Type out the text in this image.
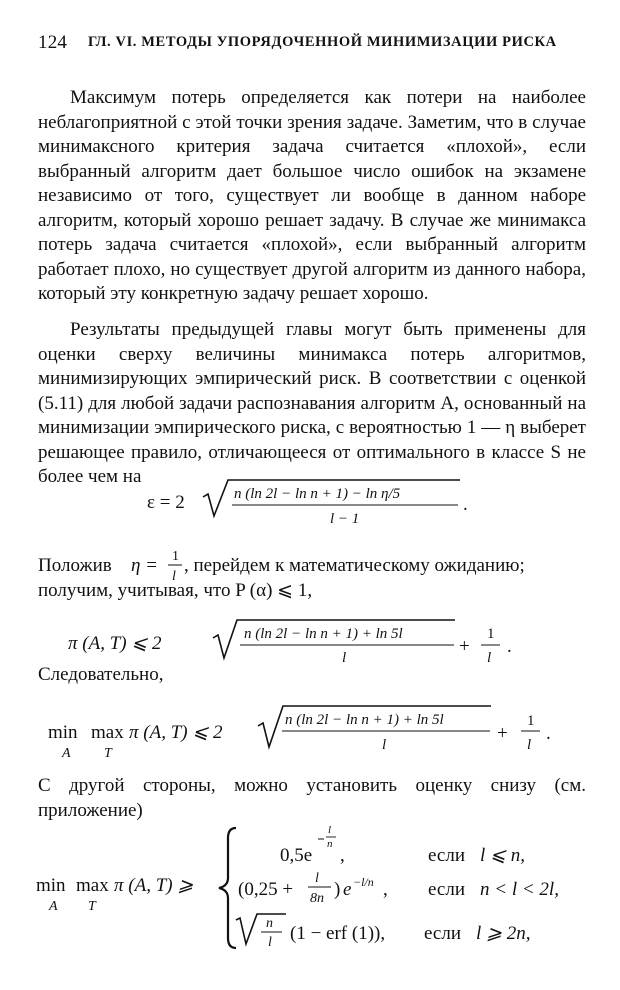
124 ГЛ. VI. МЕТОДЫ УПОРЯДОЧЕННОЙ МИНИМИЗАЦИИ РИСКА
Максимум потерь определяется как потери на наиболее неблагоприятной с этой точки зрения задаче. Заметим, что в случае минимаксного критерия задача считается «плохой», если выбранный алгоритм дает большое число ошибок на экзамене независимо от того, существует ли вообще в данном наборе алгоритм, который хорошо решает задачу. В случае же минимакса потерь задача считается «плохой», если выбранный алгоритм работает плохо, но существует другой алгоритм из данного набора, который эту конкретную задачу решает хорошо.
Результаты предыдущей главы могут быть применены для оценки сверху величины минимакса потерь алгоритмов, минимизирующих эмпирический риск. В соответствии с оценкой (5.11) для любой задачи распознавания алгоритм A, основанный на минимизации эмпирического риска, с вероятностью 1 — η выберет решающее правило, отличающееся от оптимального в классе S не более чем на
ε = 2	n (ln 2l − ln n + 1) − ln η/5
l − 1
.
Положив η = 1
l
, перейдем к математическому ожиданию;
получим, учитывая, что P (α) ⩽ 1,
π (A, T) ⩽ 2	n (ln 2l − ln n + 1) + ln 5l
l
+
1
l
.
Следовательно,
min
A
max
T
π (A, T) ⩽ 2
n (ln 2l − ln n + 1) + ln 5l
l
+
1
l
.
С другой стороны, можно установить оценку снизу (см. приложение)
min
A
max
T
π (A, T) ⩾
0,5e
l
n
,	если l ⩽ n,
(0,25 +
l
8n ) e −l/n , если n < l < 2l,
n
l (1 − erf (1)), если l ⩾ 2n,
